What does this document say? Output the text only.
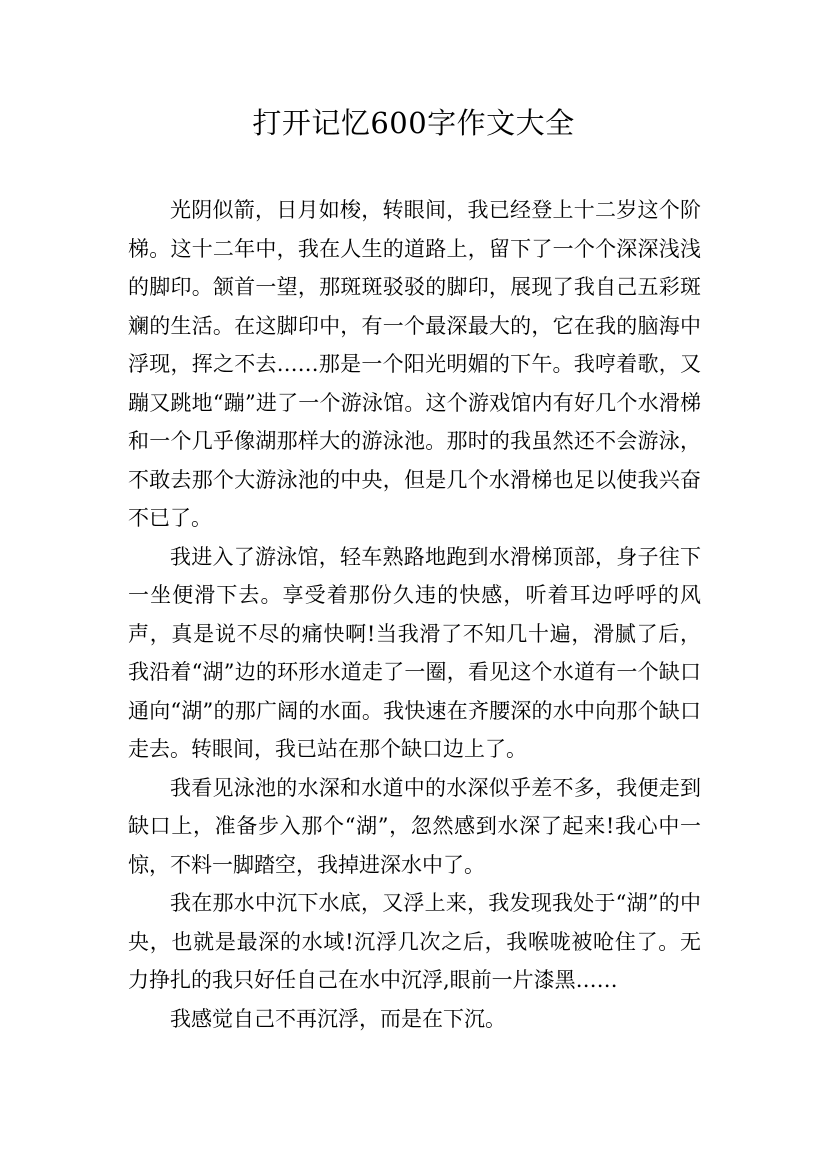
打开记忆600字作文大全

光阴似箭，日月如梭，转眼间，我已经登上十二岁这个阶梯。这十二年中，我在人生的道路上，留下了一个个深深浅浅的脚印。颔首一望，那斑斑驳驳的脚印，展现了我自己五彩斑斓的生活。在这脚印中，有一个最深最大的，它在我的脑海中浮现，挥之不去……那是一个阳光明媚的下午。我哼着歌，又蹦又跳地“蹦”进了一个游泳馆。这个游戏馆内有好几个水滑梯和一个几乎像湖那样大的游泳池。那时的我虽然还不会游泳，不敢去那个大游泳池的中央，但是几个水滑梯也足以使我兴奋不已了。

我进入了游泳馆，轻车熟路地跑到水滑梯顶部，身子往下一坐便滑下去。享受着那份久违的快感，听着耳边呼呼的风声，真是说不尽的痛快啊!当我滑了不知几十遍，滑腻了后，我沿着“湖”边的环形水道走了一圈，看见这个水道有一个缺口通向“湖”的那广阔的水面。我快速在齐腰深的水中向那个缺口走去。转眼间，我已站在那个缺口边上了。

我看见泳池的水深和水道中的水深似乎差不多，我便走到缺口上，准备步入那个“湖”，忽然感到水深了起来!我心中一惊，不料一脚踏空，我掉进深水中了。

我在那水中沉下水底，又浮上来，我发现我处于“湖”的中央，也就是最深的水域!沉浮几次之后，我喉咙被呛住了。无力挣扎的我只好任自己在水中沉浮,眼前一片漆黑……

我感觉自己不再沉浮，而是在下沉。
